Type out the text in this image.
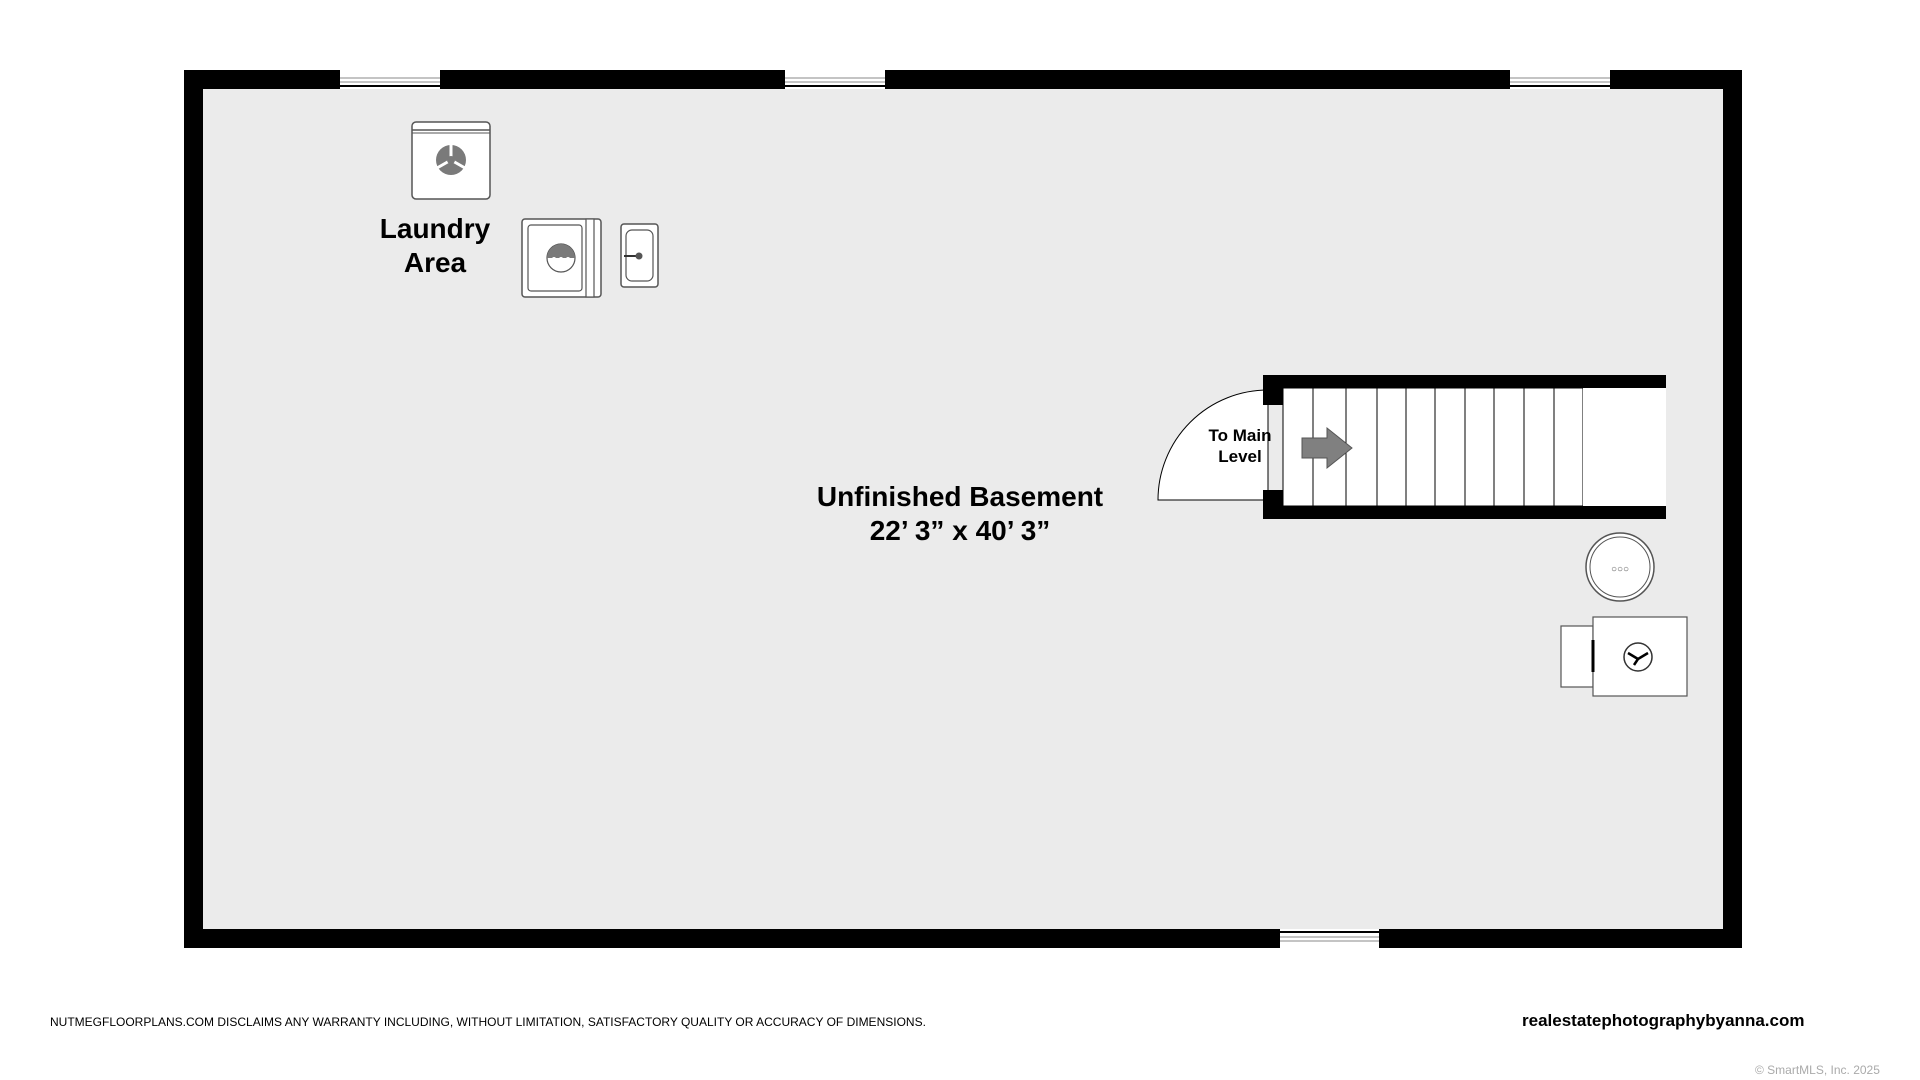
○○○
Laundry
Area
Unfinished Basement
22’ 3” x 40’ 3”
To Main
Level
NUTMEGFLOORPLANS.COM DISCLAIMS ANY WARRANTY INCLUDING, WITHOUT LIMITATION, SATISFACTORY QUALITY OR ACCURACY OF DIMENSIONS.	realestatephotographybyanna.com
© SmartMLS, Inc. 2025
